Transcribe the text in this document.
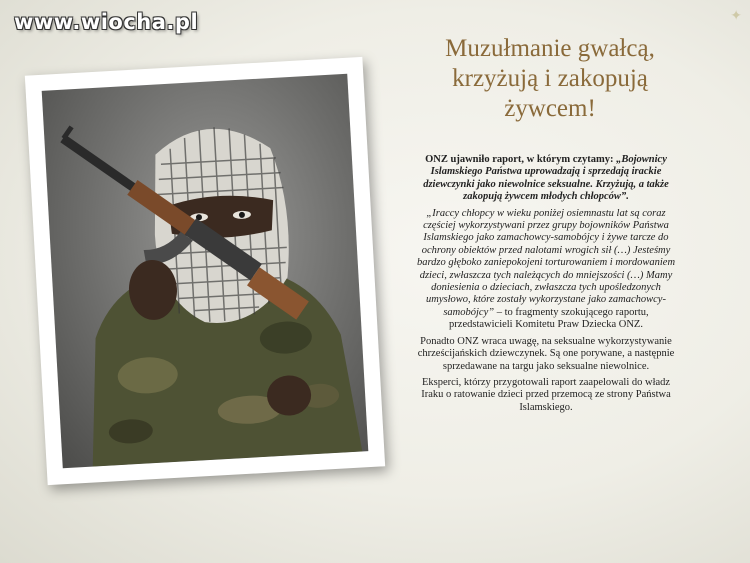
www.wiocha.pl	✦
Muzułmanie gwałcą,
krzyżują i zakopują
żywcem!

ONZ ujawniło raport, w którym czytamy: „Bojownicy Islamskiego Państwa uprowadzają i sprzedają irackie dziewczynki jako niewolnice seksualne. Krzyżują, a także zakopują żywcem młodych chłopców”.

„Iraccy chłopcy w wieku poniżej osiemnastu lat są coraz częściej wykorzystywani przez grupy bojowników Państwa Islamskiego jako zamachowcy-samobójcy i żywe tarcze do ochrony obiektów przed nalotami wrogich sił (…) Jesteśmy bardzo głęboko zaniepokojeni torturowaniem i mordowaniem dzieci, zwłaszcza tych należących do mniejszości (…) Mamy doniesienia o dzieciach, zwłaszcza tych upośledzonych umysłowo, które zostały wykorzystane jako zamachowcy-samobójcy” – to fragmenty szokującego raportu, przedstawicieli Komitetu Praw Dziecka ONZ.

Ponadto ONZ wraca uwagę, na seksualne wykorzystywanie chrześcijańskich dziewczynek. Są one porywane, a następnie sprzedawane na targu jako seksualne niewolnice.

Eksperci, którzy przygotowali raport zaapelowali do władz Iraku o ratowanie dzieci przed przemocą ze strony Państwa Islamskiego.
